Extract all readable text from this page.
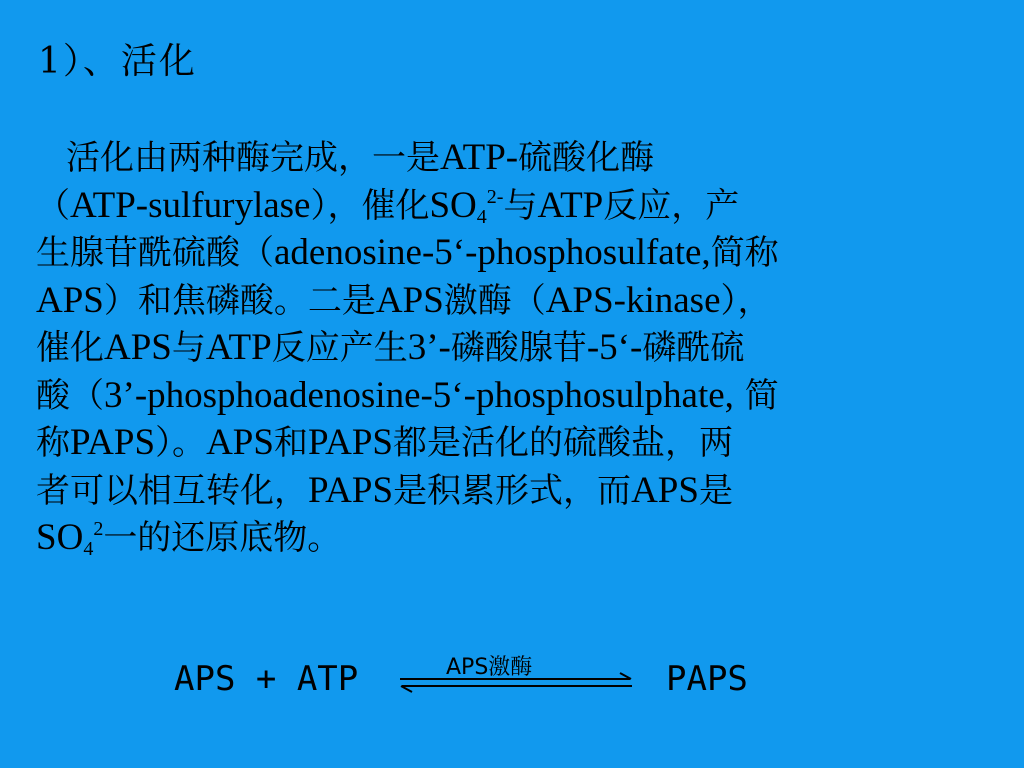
1）、活化
活化由两种酶完成，一是ATP-硫酸化酶
（ATP-sulfurylase），催化$SO_4^{2-}$与ATP反应，产
生腺苷酰硫酸（adenosine-5‘-phosphosulfate,简称
APS）和焦磷酸。二是APS激酶（APS-kinase），
催化APS与ATP反应产生3’-磷酸腺苷-5‘-磷酰硫
酸（3’-phosphoadenosine-5‘-phosphosulphate, 简
称PAPS）。APS和PAPS都是活化的硫酸盐，两
者可以相互转化，PAPS是积累形式，而APS是
$SO_4^2$一的还原底物。
APS + ATP	APS激酶	PAPS
